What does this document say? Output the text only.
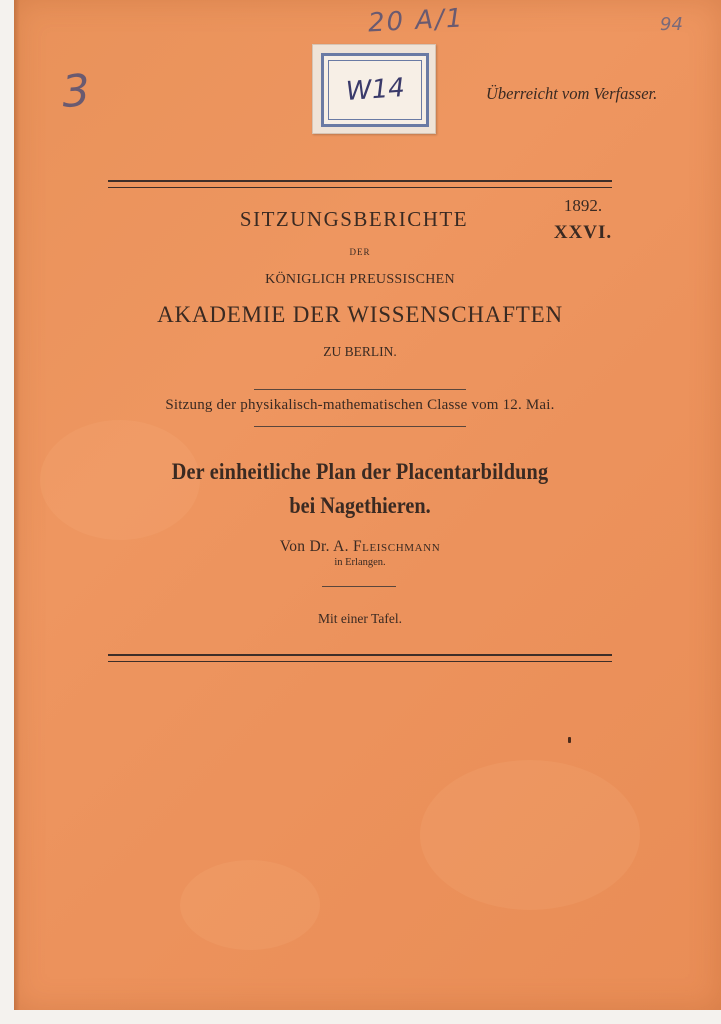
3
20 A/1	94
W14	Überreicht vom Verfasser.
SITZUNGSBERICHTE
1892.
XXVI.
DER
KÖNIGLICH PREUSSISCHEN
AKADEMIE DER WISSENSCHAFTEN
ZU BERLIN.
Sitzung der physikalisch-mathematischen Classe vom 12. Mai.
Der einheitliche Plan der Placentarbildung
bei Nagethieren.
Von Dr. A. Fleischmann
in Erlangen.
Mit einer Tafel.
